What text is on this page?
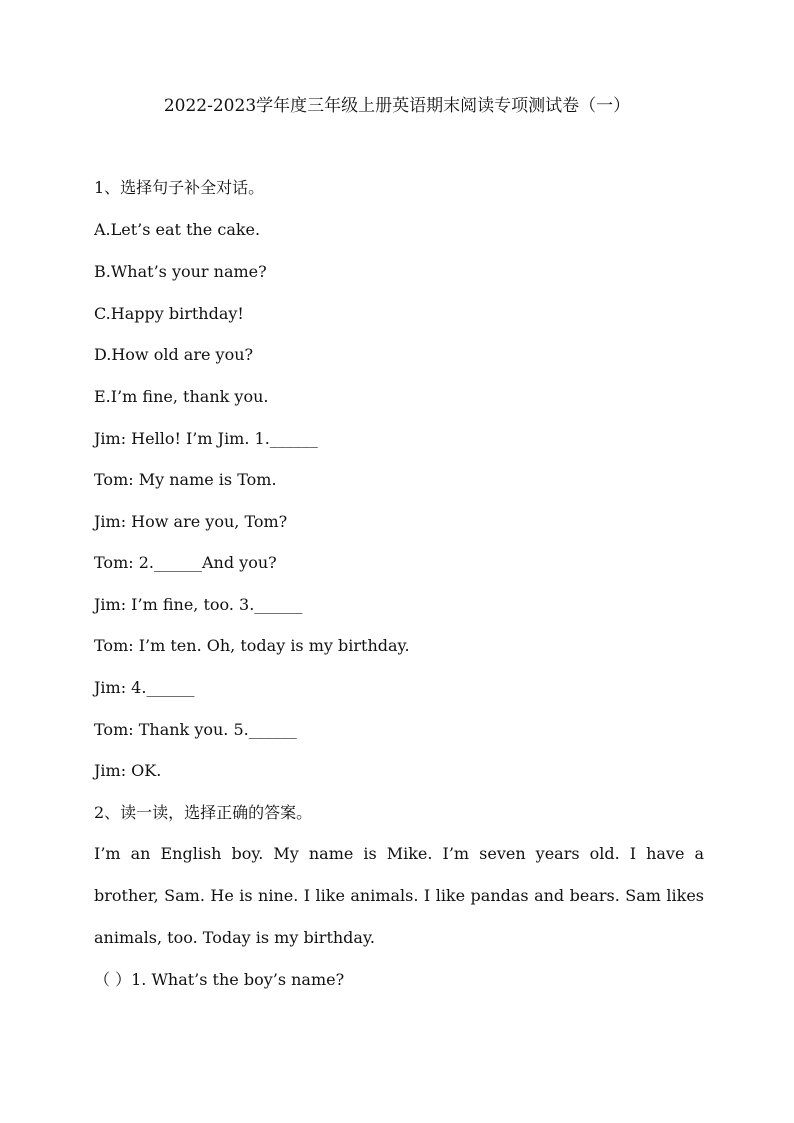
2022-2023学年度三年级上册英语期末阅读专项测试卷（一）
1、选择句子补全对话。
A.Let’s eat the cake.
B.What’s your name?
C.Happy birthday!
D.How old are you?
E.I’m fine, thank you.
Jim: Hello! I’m Jim. 1.______
Tom: My name is Tom.
Jim: How are you, Tom?
Tom: 2.______And you?
Jim: I’m fine, too. 3.______
Tom: I’m ten. Oh, today is my birthday.
Jim: 4.______
Tom: Thank you. 5.______
Jim: OK.
2、读一读，选择正确的答案。
I’m an English boy. My name is Mike. I’m seven years old. I have a brother, Sam. He is nine. I like animals. I like pandas and bears. Sam likes animals, too. Today is my birthday.
（ ）1. What’s the boy’s name?
